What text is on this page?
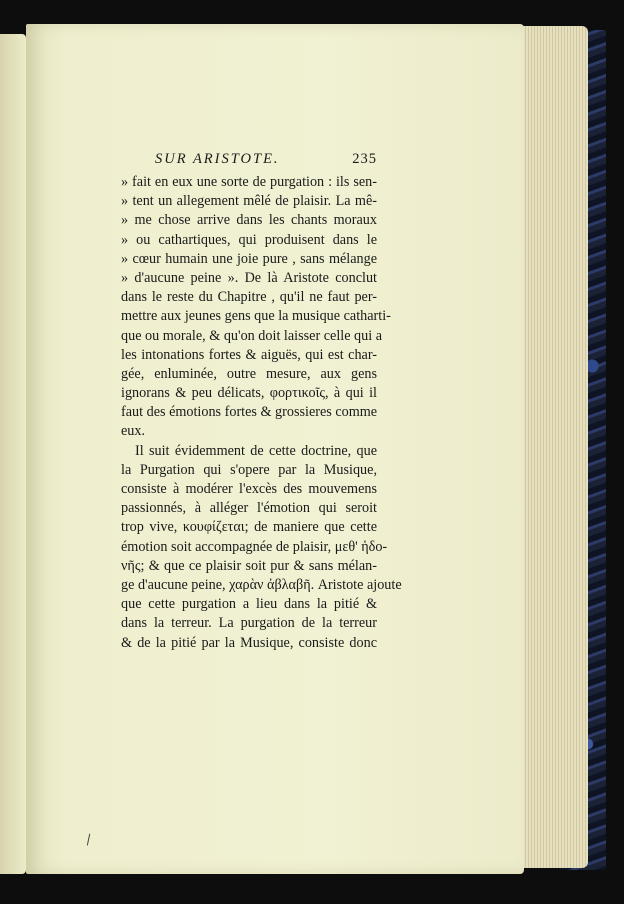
SUR ARISTOTE.	235
» fait en eux une sorte de purgation : ils sen-
» tent un allegement mêlé de plaisir. La mê-
» me chose arrive dans les chants moraux
» ou cathartiques, qui produisent dans le
» cœur humain une joie pure , sans mélange
» d'aucune peine ». De là Aristote conclut
dans le reste du Chapitre , qu'il ne faut per-
mettre aux jeunes gens que la musique catharti-
que ou morale, & qu'on doit laisser celle qui a
les intonations fortes & aiguës, qui est char-
gée, enluminée, outre mesure, aux gens
ignorans & peu délicats, φορτικοῖς, à qui il
faut des émotions fortes & grossieres comme
eux.
Il suit évidemment de cette doctrine, que
la Purgation qui s'opere par la Musique,
consiste à modérer l'excès des mouvemens
passionnés, à alléger l'émotion qui seroit
trop vive, κουφίζεται; de maniere que cette
émotion soit accompagnée de plaisir, μεθ' ἡδο-
νῆς; & que ce plaisir soit pur & sans mélan-
ge d'aucune peine, χαρὰν ἀβλαβῆ. Aristote ajoute
que cette purgation a lieu dans la pitié &
dans la terreur. La purgation de la terreur
& de la pitié par la Musique, consiste donc
